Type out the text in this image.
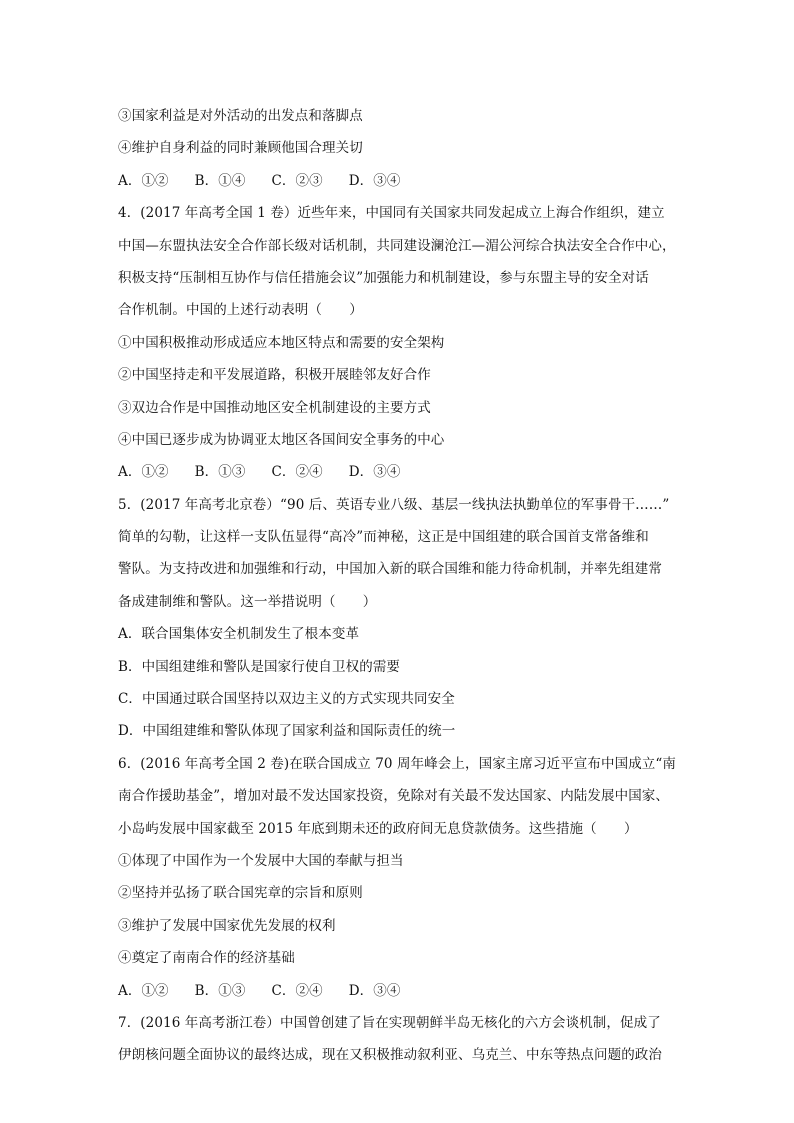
③国家利益是对外活动的出发点和落脚点
④维护自身利益的同时兼顾他国合理关切
A．①② B．①④ C．②③ D．③④
4．(2017 年高考全国 1 卷）近些年来，中国同有关国家共同发起成立上海合作组织，建立
中国—东盟执法安全合作部长级对话机制，共同建设澜沧江—湄公河综合执法安全合作中心，
积极支持“压制相互协作与信任措施会议”加强能力和机制建设，参与东盟主导的安全对话
合作机制。中国的上述行动表明（　　）
①中国积极推动形成适应本地区特点和需要的安全架构
②中国坚持走和平发展道路，积极开展睦邻友好合作
③双边合作是中国推动地区安全机制建设的主要方式
④中国已逐步成为协调亚太地区各国间安全事务的中心
A．①② B．①③ C．②④ D．③④
5．(2017 年高考北京卷）“90 后、英语专业八级、基层一线执法执勤单位的军事骨干……”
简单的勾勒，让这样一支队伍显得“高冷”而神秘，这正是中国组建的联合国首支常备维和
警队。为支持改进和加强维和行动，中国加入新的联合国维和能力待命机制，并率先组建常
备成建制维和警队。这一举措说明（　　）
A．联合国集体安全机制发生了根本变革
B．中国组建维和警队是国家行使自卫权的需要
C．中国通过联合国坚持以双边主义的方式实现共同安全
D．中国组建维和警队体现了国家利益和国际责任的统一
6．(2016 年高考全国 2 卷)在联合国成立 70 周年峰会上，国家主席习近平宣布中国成立“南
南合作援助基金”，增加对最不发达国家投资，免除对有关最不发达国家、内陆发展中国家、
小岛屿发展中国家截至 2015 年底到期未还的政府间无息贷款债务。这些措施（　　）
①体现了中国作为一个发展中大国的奉献与担当
②坚持并弘扬了联合国宪章的宗旨和原则
③维护了发展中国家优先发展的权利
④奠定了南南合作的经济基础
A．①② B．①③ C．②④ D．③④
7．(2016 年高考浙江卷）中国曾创建了旨在实现朝鲜半岛无核化的六方会谈机制，促成了
伊朗核问题全面协议的最终达成，现在又积极推动叙利亚、乌克兰、中东等热点问题的政治
